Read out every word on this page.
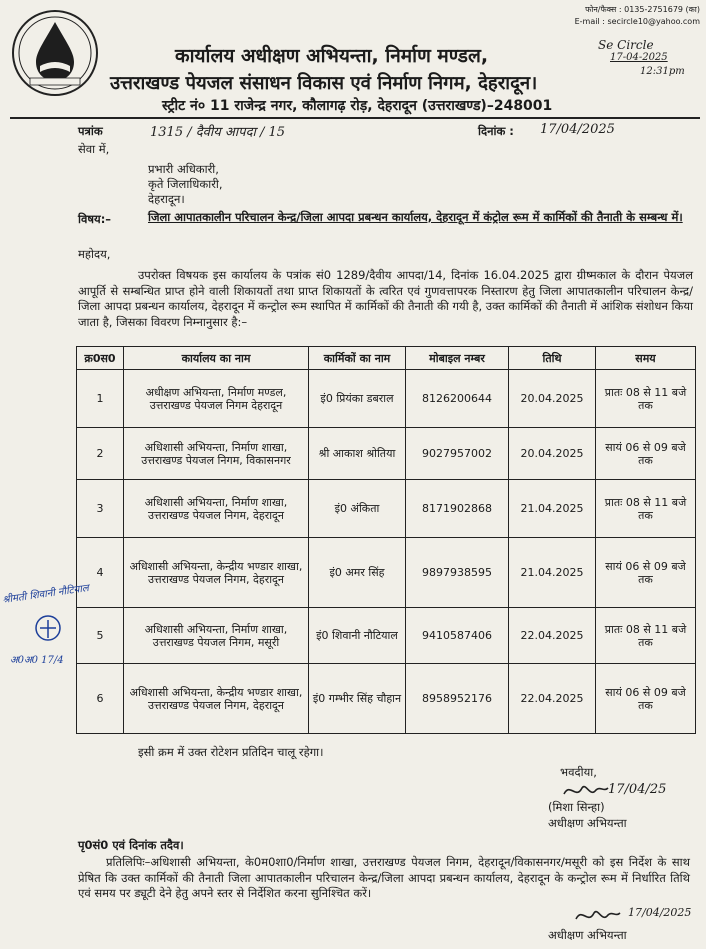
फोन/फैक्स : 0135-2751679 (का)
E-mail : secircle10@yahoo.com
Se Circle
17-04-2025
12:31pm
कार्यालय अधीक्षण अभियन्ता, निर्माण मण्डल,
उत्तराखण्ड पेयजल संसाधन विकास एवं निर्माण निगम, देहरादून।
स्ट्रीट नं० 11 राजेन्द्र नगर, कौलागढ़ रोड़, देहरादून (उत्तराखण्ड)–248001
पत्रांक	1315 / दैवीय आपदा / 15	दिनांक : 17/04/2025
सेवा में,
प्रभारी अधिकारी,
कृते जिलाधिकारी,
देहरादून।
विषय:–	जिला आपातकालीन परिचालन केन्द्र/जिला आपदा प्रबन्धन कार्यालय, देहरादून में कंट्रोल रूम में कार्मिकों की तैनाती के सम्बन्ध में।
महोदय,
उपरोक्त विषयक इस कार्यालय के पत्रांक सं0 1289/दैवीय आपदा/14, दिनांक 16.04.2025 द्वारा ग्रीष्मकाल के दौरान पेयजल आपूर्ति से सम्बन्धित प्राप्त होने वाली शिकायतों तथा प्राप्त शिकायतों के त्वरित एवं गुणवत्तापरक निस्तारण हेतु जिला आपातकालीन परिचालन केन्द्र/जिला आपदा प्रबन्धन कार्यालय, देहरादून में कन्ट्रोल रूम स्थापित में कार्मिकों की तैनाती की गयी है, उक्त कार्मिकों की तैनाती में आंशिक संशोधन किया जाता है, जिसका विवरण निम्नानुसार है:–
क्र0स0	कार्यालय का नाम	कार्मिकों का नाम	मोबाइल नम्बर	तिथि	समय
1	अधीक्षण अभियन्ता, निर्माण मण्डल, उत्तराखण्ड पेयजल निगम देहरादून	इं0 प्रियंका डबराल	8126200644	20.04.2025	प्रातः 08 से 11 बजे तक
2	अधिशासी अभियन्ता, निर्माण शाखा, उत्तराखण्ड पेयजल निगम, विकासनगर	श्री आकाश श्रोतिया	9027957002	20.04.2025	सायं 06 से 09 बजे तक
3	अधिशासी अभियन्ता, निर्माण शाखा, उत्तराखण्ड पेयजल निगम, देहरादून	इं0 अंकिता	8171902868	21.04.2025	प्रातः 08 से 11 बजे तक
4	अधिशासी अभियन्ता, केन्द्रीय भण्डार शाखा, उत्तराखण्ड पेयजल निगम, देहरादून	इं0 अमर सिंह	9897938595	21.04.2025	सायं 06 से 09 बजे तक
5	अधिशासी अभियन्ता, निर्माण शाखा, उत्तराखण्ड पेयजल निगम, मसूरी	इं0 शिवानी नौटियाल	9410587406	22.04.2025	प्रातः 08 से 11 बजे तक
6	अधिशासी अभियन्ता, केन्द्रीय भण्डार शाखा, उत्तराखण्ड पेयजल निगम, देहरादून	इं0 गम्भीर सिंह चौहान	8958952176	22.04.2025	सायं 06 से 09 बजे तक
श्रीमती शिवानी नौटियाल
अ0अ0 17/4
इसी क्रम में उक्त रोटेशन प्रतिदिन चालू रहेगा।
भवदीया,
17/04/25
(मिशा सिन्हा)
अधीक्षण अभियन्ता
पृ0सं0 एवं दिनांक तदैव।
प्रतिलिपिः–अधिशासी अभियन्ता, के0म0शा0/निर्माण शाखा, उत्तराखण्ड पेयजल निगम, देहरादून/विकासनगर/मसूरी को इस निर्देश के साथ प्रेषित कि उक्त कार्मिकों की तैनाती जिला आपातकालीन परिचालन केन्द्र/जिला आपदा प्रबन्धन कार्यालय, देहरादून के कन्ट्रोल रूम में निर्धारित तिथि एवं समय पर ड्यूटी देने हेतु अपने स्तर से निर्देशित करना सुनिश्चित करें।
17/04/2025
अधीक्षण अभियन्ता
